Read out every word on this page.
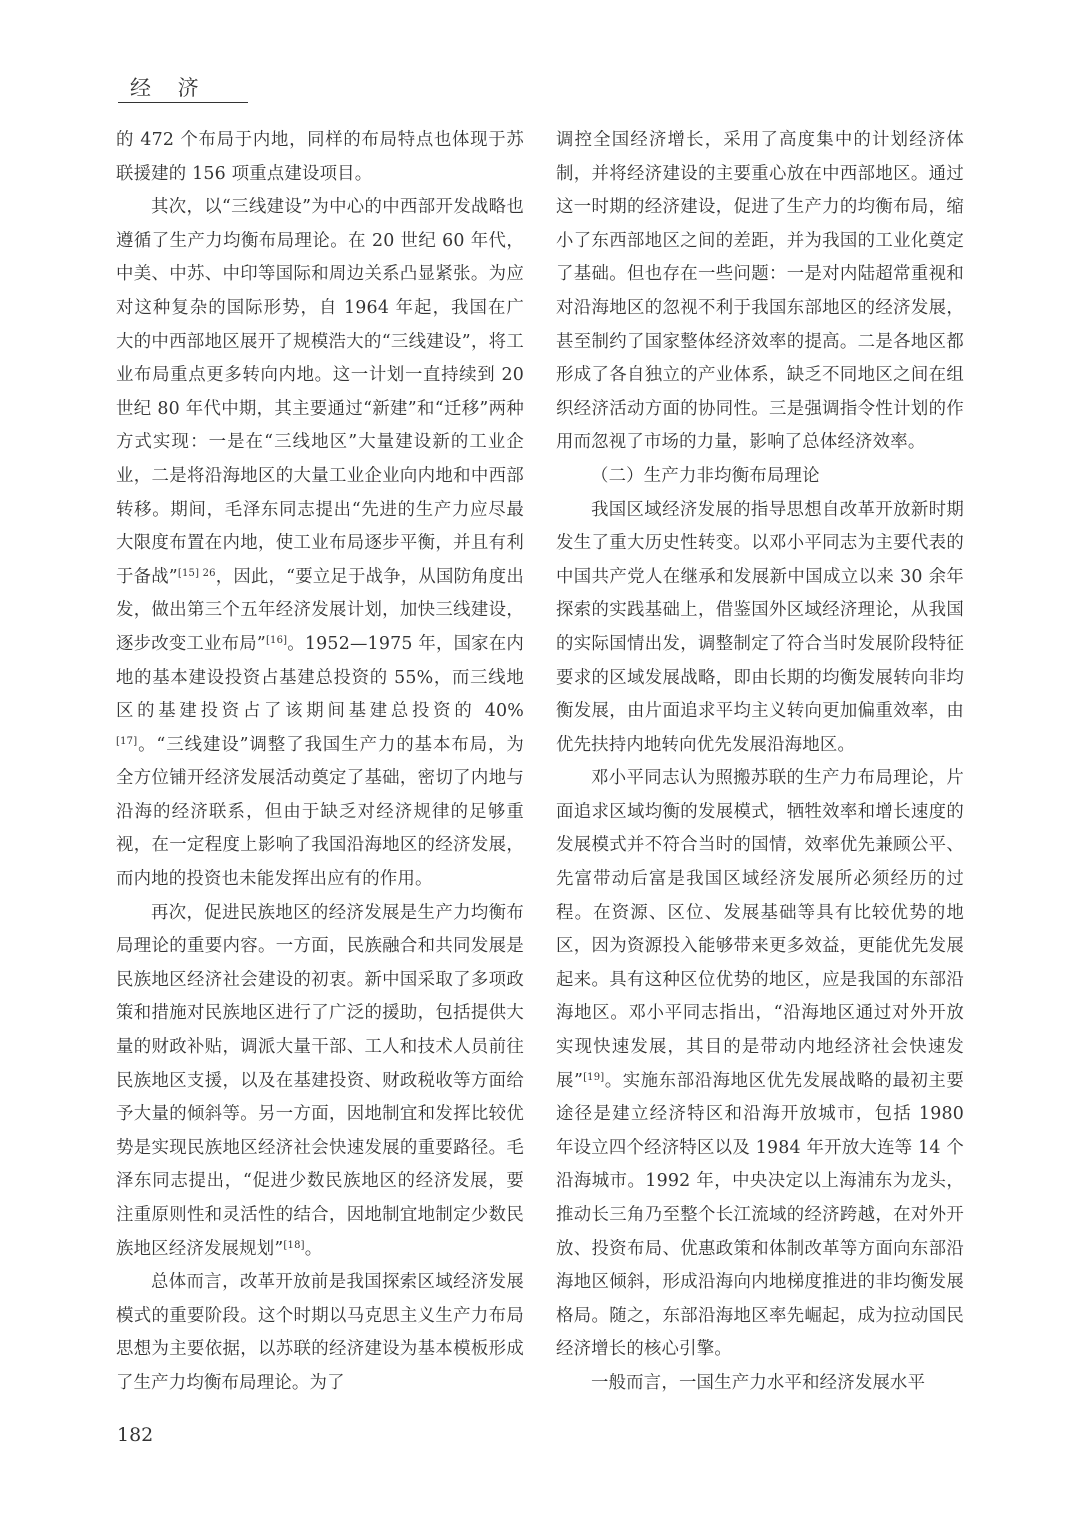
经 济

的 472 个布局于内地，同样的布局特点也体现于苏联援建的 156 项重点建设项目。

其次，以“三线建设”为中心的中西部开发战略也遵循了生产力均衡布局理论。在 20 世纪 60 年代，中美、中苏、中印等国际和周边关系凸显紧张。为应对这种复杂的国际形势，自 1964 年起，我国在广大的中西部地区展开了规模浩大的“三线建设”，将工业布局重点更多转向内地。这一计划一直持续到 20 世纪 80 年代中期，其主要通过“新建”和“迁移”两种方式实现：一是在“三线地区”大量建设新的工业企业，二是将沿海地区的大量工业企业向内地和中西部转移。期间，毛泽东同志提出“先进的生产力应尽最大限度布置在内地，使工业布局逐步平衡，并且有利于备战”$^{[15] 26}$，因此，“要立足于战争，从国防角度出发，做出第三个五年经济发展计划，加快三线建设，逐步改变工业布局”[16]。1952—1975 年，国家在内地的基本建设投资占基建总投资的 55%，而三线地区的基建投资占了该期间基建总投资的 40%[17]。“三线建设”调整了我国生产力的基本布局，为全方位铺开经济发展活动奠定了基础，密切了内地与沿海的经济联系，但由于缺乏对经济规律的足够重视，在一定程度上影响了我国沿海地区的经济发展，而内地的投资也未能发挥出应有的作用。

再次，促进民族地区的经济发展是生产力均衡布局理论的重要内容。一方面，民族融合和共同发展是民族地区经济社会建设的初衷。新中国采取了多项政策和措施对民族地区进行了广泛的援助，包括提供大量的财政补贴，调派大量干部、工人和技术人员前往民族地区支援，以及在基建投资、财政税收等方面给予大量的倾斜等。另一方面，因地制宜和发挥比较优势是实现民族地区经济社会快速发展的重要路径。毛泽东同志提出，“促进少数民族地区的经济发展，要注重原则性和灵活性的结合，因地制宜地制定少数民族地区经济发展规划”[18]。

总体而言，改革开放前是我国探索区域经济发展模式的重要阶段。这个时期以马克思主义生产力布局思想为主要依据，以苏联的经济建设为基本模板形成了生产力均衡布局理论。为了

调控全国经济增长，采用了高度集中的计划经济体制，并将经济建设的主要重心放在中西部地区。通过这一时期的经济建设，促进了生产力的均衡布局，缩小了东西部地区之间的差距，并为我国的工业化奠定了基础。但也存在一些问题：一是对内陆超常重视和对沿海地区的忽视不利于我国东部地区的经济发展，甚至制约了国家整体经济效率的提高。二是各地区都形成了各自独立的产业体系，缺乏不同地区之间在组织经济活动方面的协同性。三是强调指令性计划的作用而忽视了市场的力量，影响了总体经济效率。

（二）生产力非均衡布局理论

我国区域经济发展的指导思想自改革开放新时期发生了重大历史性转变。以邓小平同志为主要代表的中国共产党人在继承和发展新中国成立以来 30 余年探索的实践基础上，借鉴国外区域经济理论，从我国的实际国情出发，调整制定了符合当时发展阶段特征要求的区域发展战略，即由长期的均衡发展转向非均衡发展，由片面追求平均主义转向更加偏重效率，由优先扶持内地转向优先发展沿海地区。

邓小平同志认为照搬苏联的生产力布局理论，片面追求区域均衡的发展模式，牺牲效率和增长速度的发展模式并不符合当时的国情，效率优先兼顾公平、先富带动后富是我国区域经济发展所必须经历的过程。在资源、区位、发展基础等具有比较优势的地区，因为资源投入能够带来更多效益，更能优先发展起来。具有这种区位优势的地区，应是我国的东部沿海地区。邓小平同志指出，“沿海地区通过对外开放实现快速发展，其目的是带动内地经济社会快速发展”[19]。实施东部沿海地区优先发展战略的最初主要途径是建立经济特区和沿海开放城市，包括 1980 年设立四个经济特区以及 1984 年开放大连等 14 个沿海城市。1992 年，中央决定以上海浦东为龙头，推动长三角乃至整个长江流域的经济跨越，在对外开放、投资布局、优惠政策和体制改革等方面向东部沿海地区倾斜，形成沿海向内地梯度推进的非均衡发展格局。随之，东部沿海地区率先崛起，成为拉动国民经济增长的核心引擎。

一般而言，一国生产力水平和经济发展水平

182
